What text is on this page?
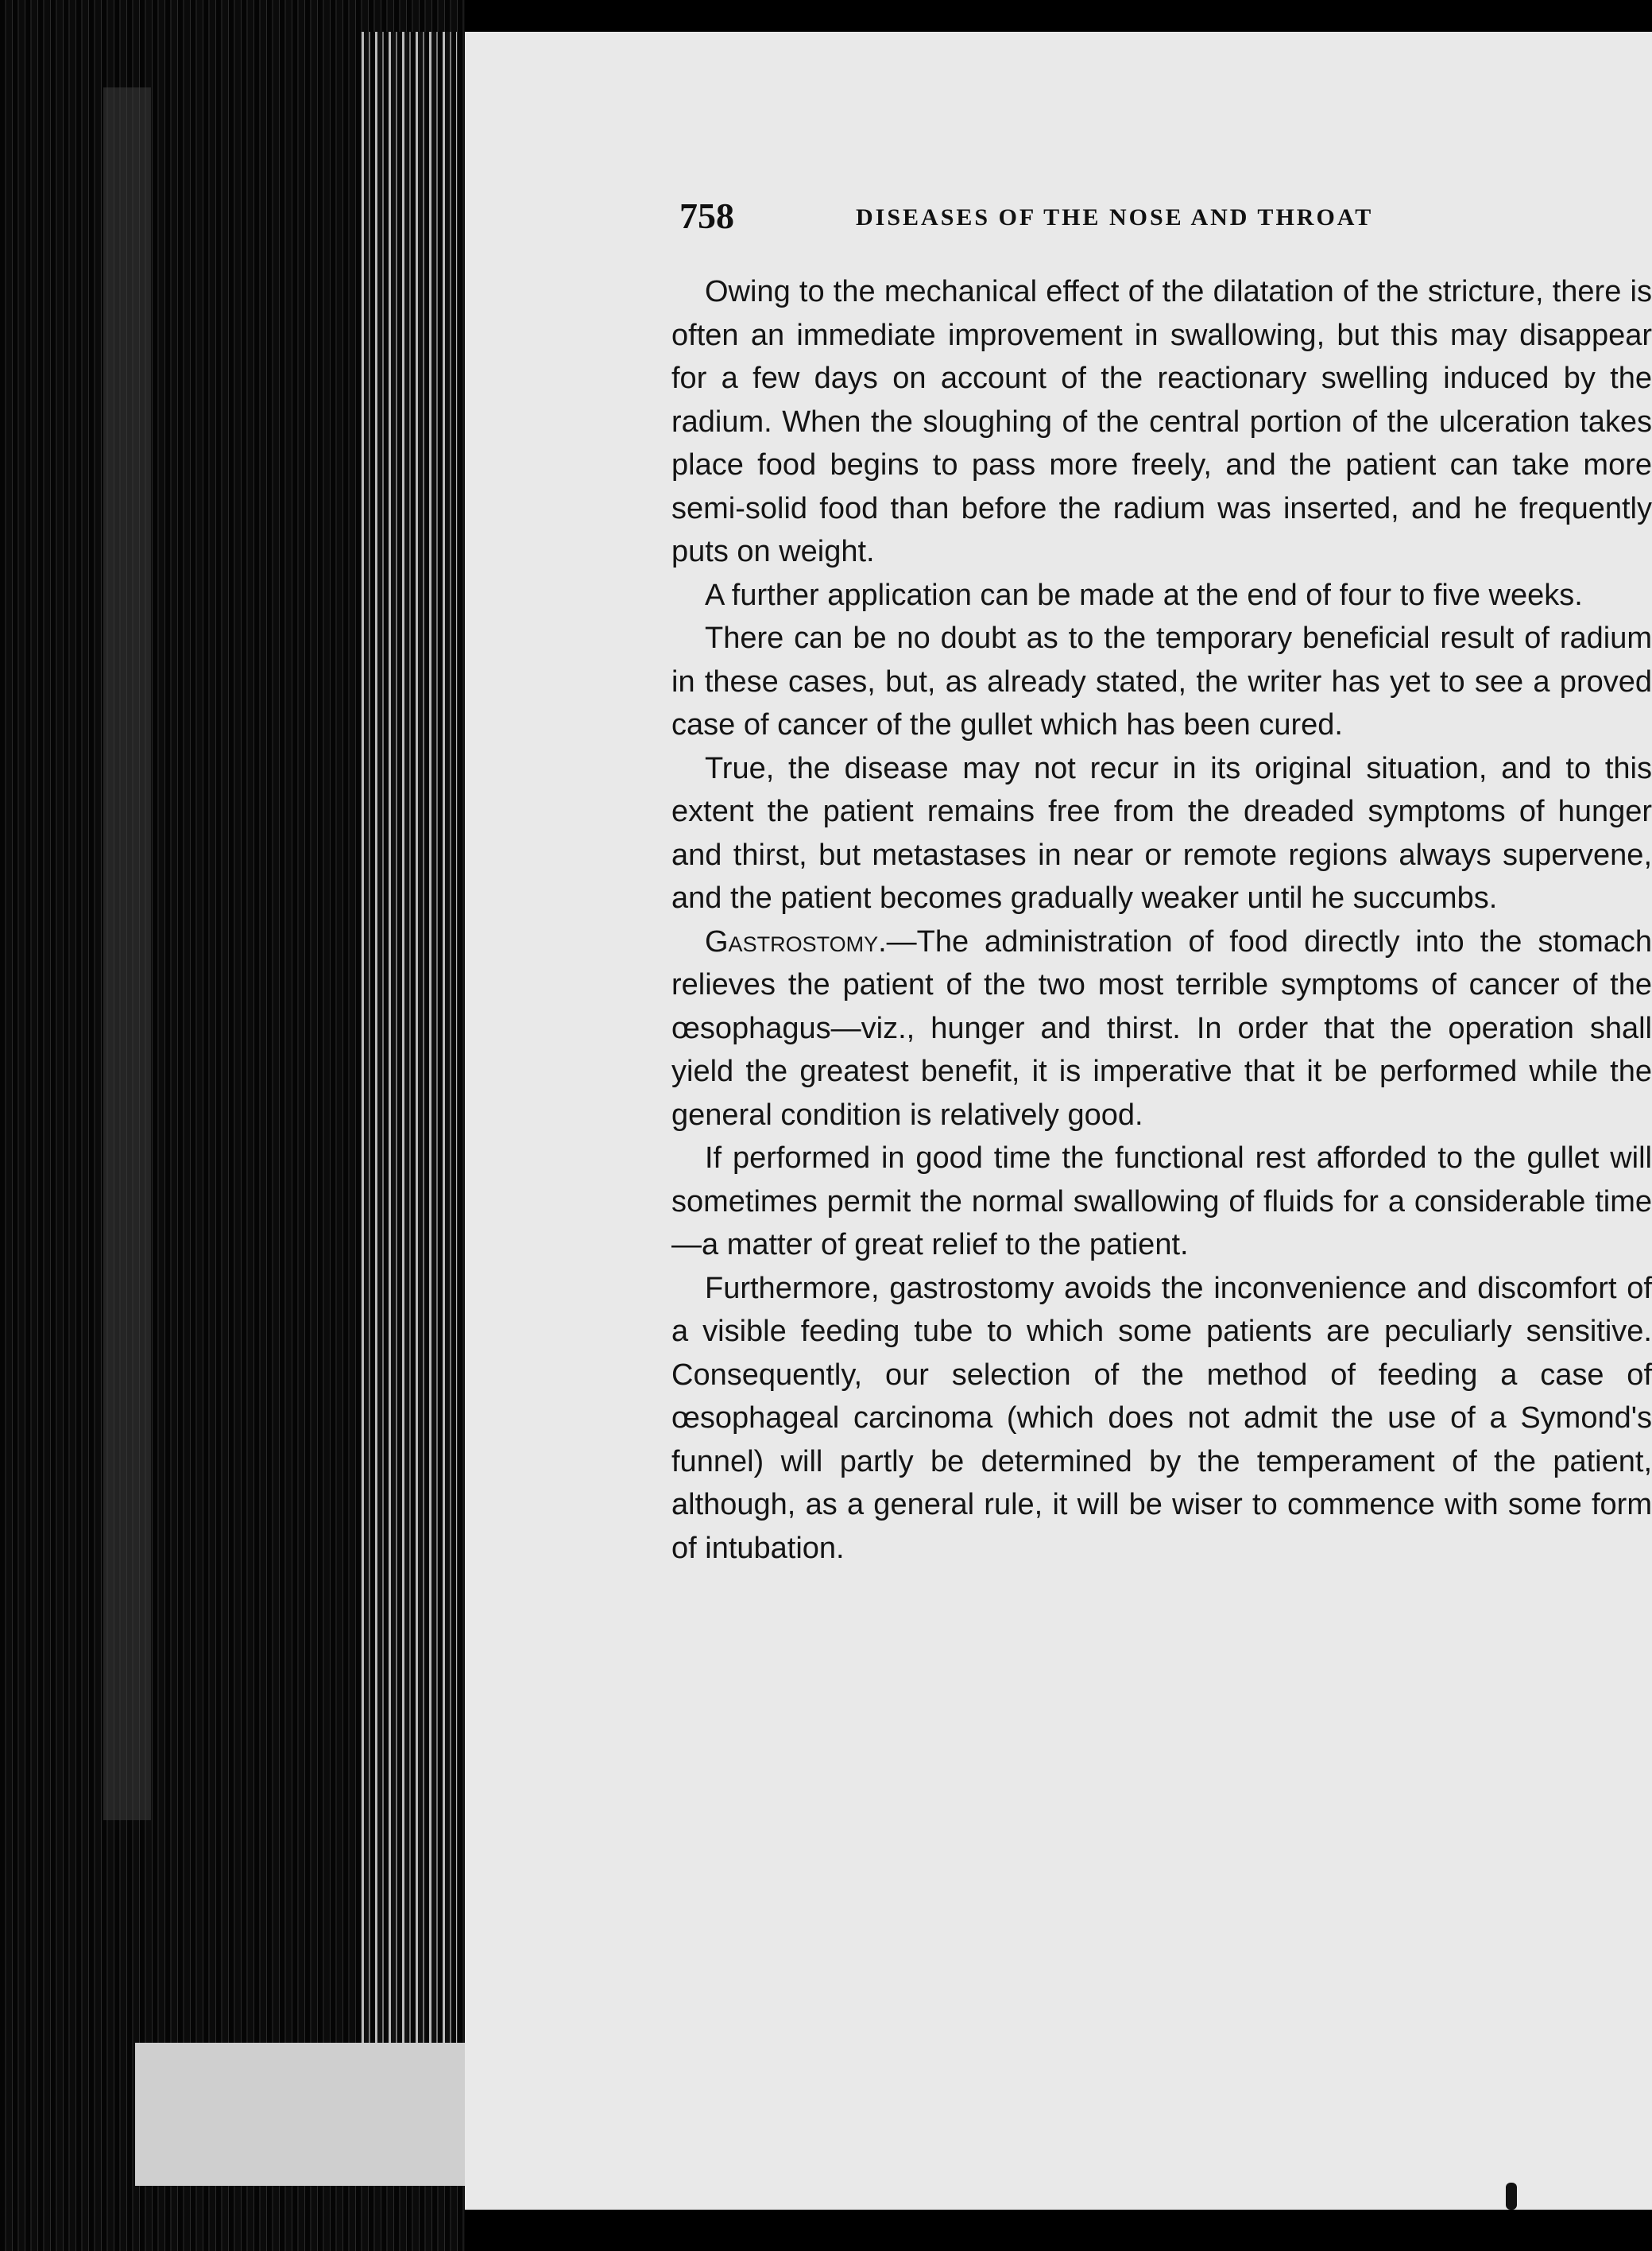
758	DISEASES OF THE NOSE AND THROAT

Owing to the mechanical effect of the dilatation of the stricture, there is often an immediate improvement in swallowing, but this may disappear for a few days on account of the reactionary swelling induced by the radium. When the sloughing of the central portion of the ulceration takes place food begins to pass more freely, and the patient can take more semi-solid food than before the radium was inserted, and he frequently puts on weight.

A further application can be made at the end of four to five weeks.

There can be no doubt as to the temporary beneficial result of radium in these cases, but, as already stated, the writer has yet to see a proved case of cancer of the gullet which has been cured.

True, the disease may not recur in its original situation, and to this extent the patient remains free from the dreaded symptoms of hunger and thirst, but metastases in near or remote regions always supervene, and the patient becomes gradually weaker until he succumbs.

Gastrostomy.—The administration of food directly into the stomach relieves the patient of the two most terrible symptoms of cancer of the œsophagus—viz., hunger and thirst. In order that the operation shall yield the greatest benefit, it is imperative that it be performed while the general condition is relatively good.

If performed in good time the functional rest afforded to the gullet will sometimes permit the normal swallowing of fluids for a considerable time—a matter of great relief to the patient.

Furthermore, gastrostomy avoids the inconvenience and discomfort of a visible feeding tube to which some patients are peculiarly sensitive. Consequently, our selection of the method of feeding a case of œsophageal carcinoma (which does not admit the use of a Symond's funnel) will partly be determined by the temperament of the patient, although, as a general rule, it will be wiser to commence with some form of intubation.
